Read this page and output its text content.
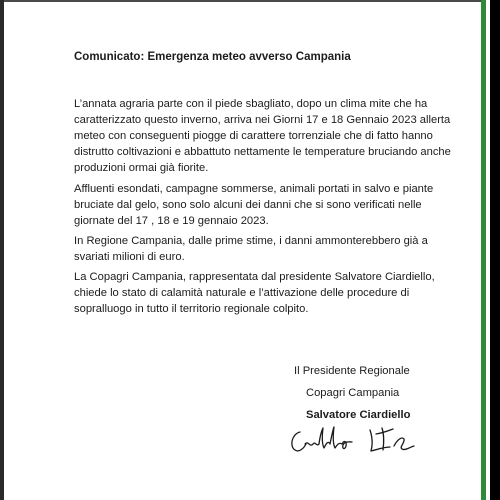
Comunicato: Emergenza meteo avverso Campania

L’annata agraria parte con il piede sbagliato, dopo un clima mite che ha caratterizzato questo inverno, arriva nei Giorni 17 e 18 Gennaio 2023 allerta meteo con conseguenti piogge di carattere torrenziale che di fatto hanno distrutto coltivazioni e abbattuto nettamente le temperature bruciando anche produzioni ormai già fiorite.

Affluenti esondati, campagne sommerse, animali portati in salvo e piante bruciate dal gelo, sono solo alcuni dei danni che si sono verificati nelle giornate del 17 , 18 e 19 gennaio 2023.

In Regione Campania, dalle prime stime, i danni ammonterebbero già a svariati milioni di euro.

La Copagri Campania, rappresentata dal presidente Salvatore Ciardiello, chiede lo stato di calamità naturale e l’attivazione delle procedure di sopralluogo in tutto il territorio regionale colpito.

Il Presidente Regionale

Copagri Campania

Salvatore Ciardiello
